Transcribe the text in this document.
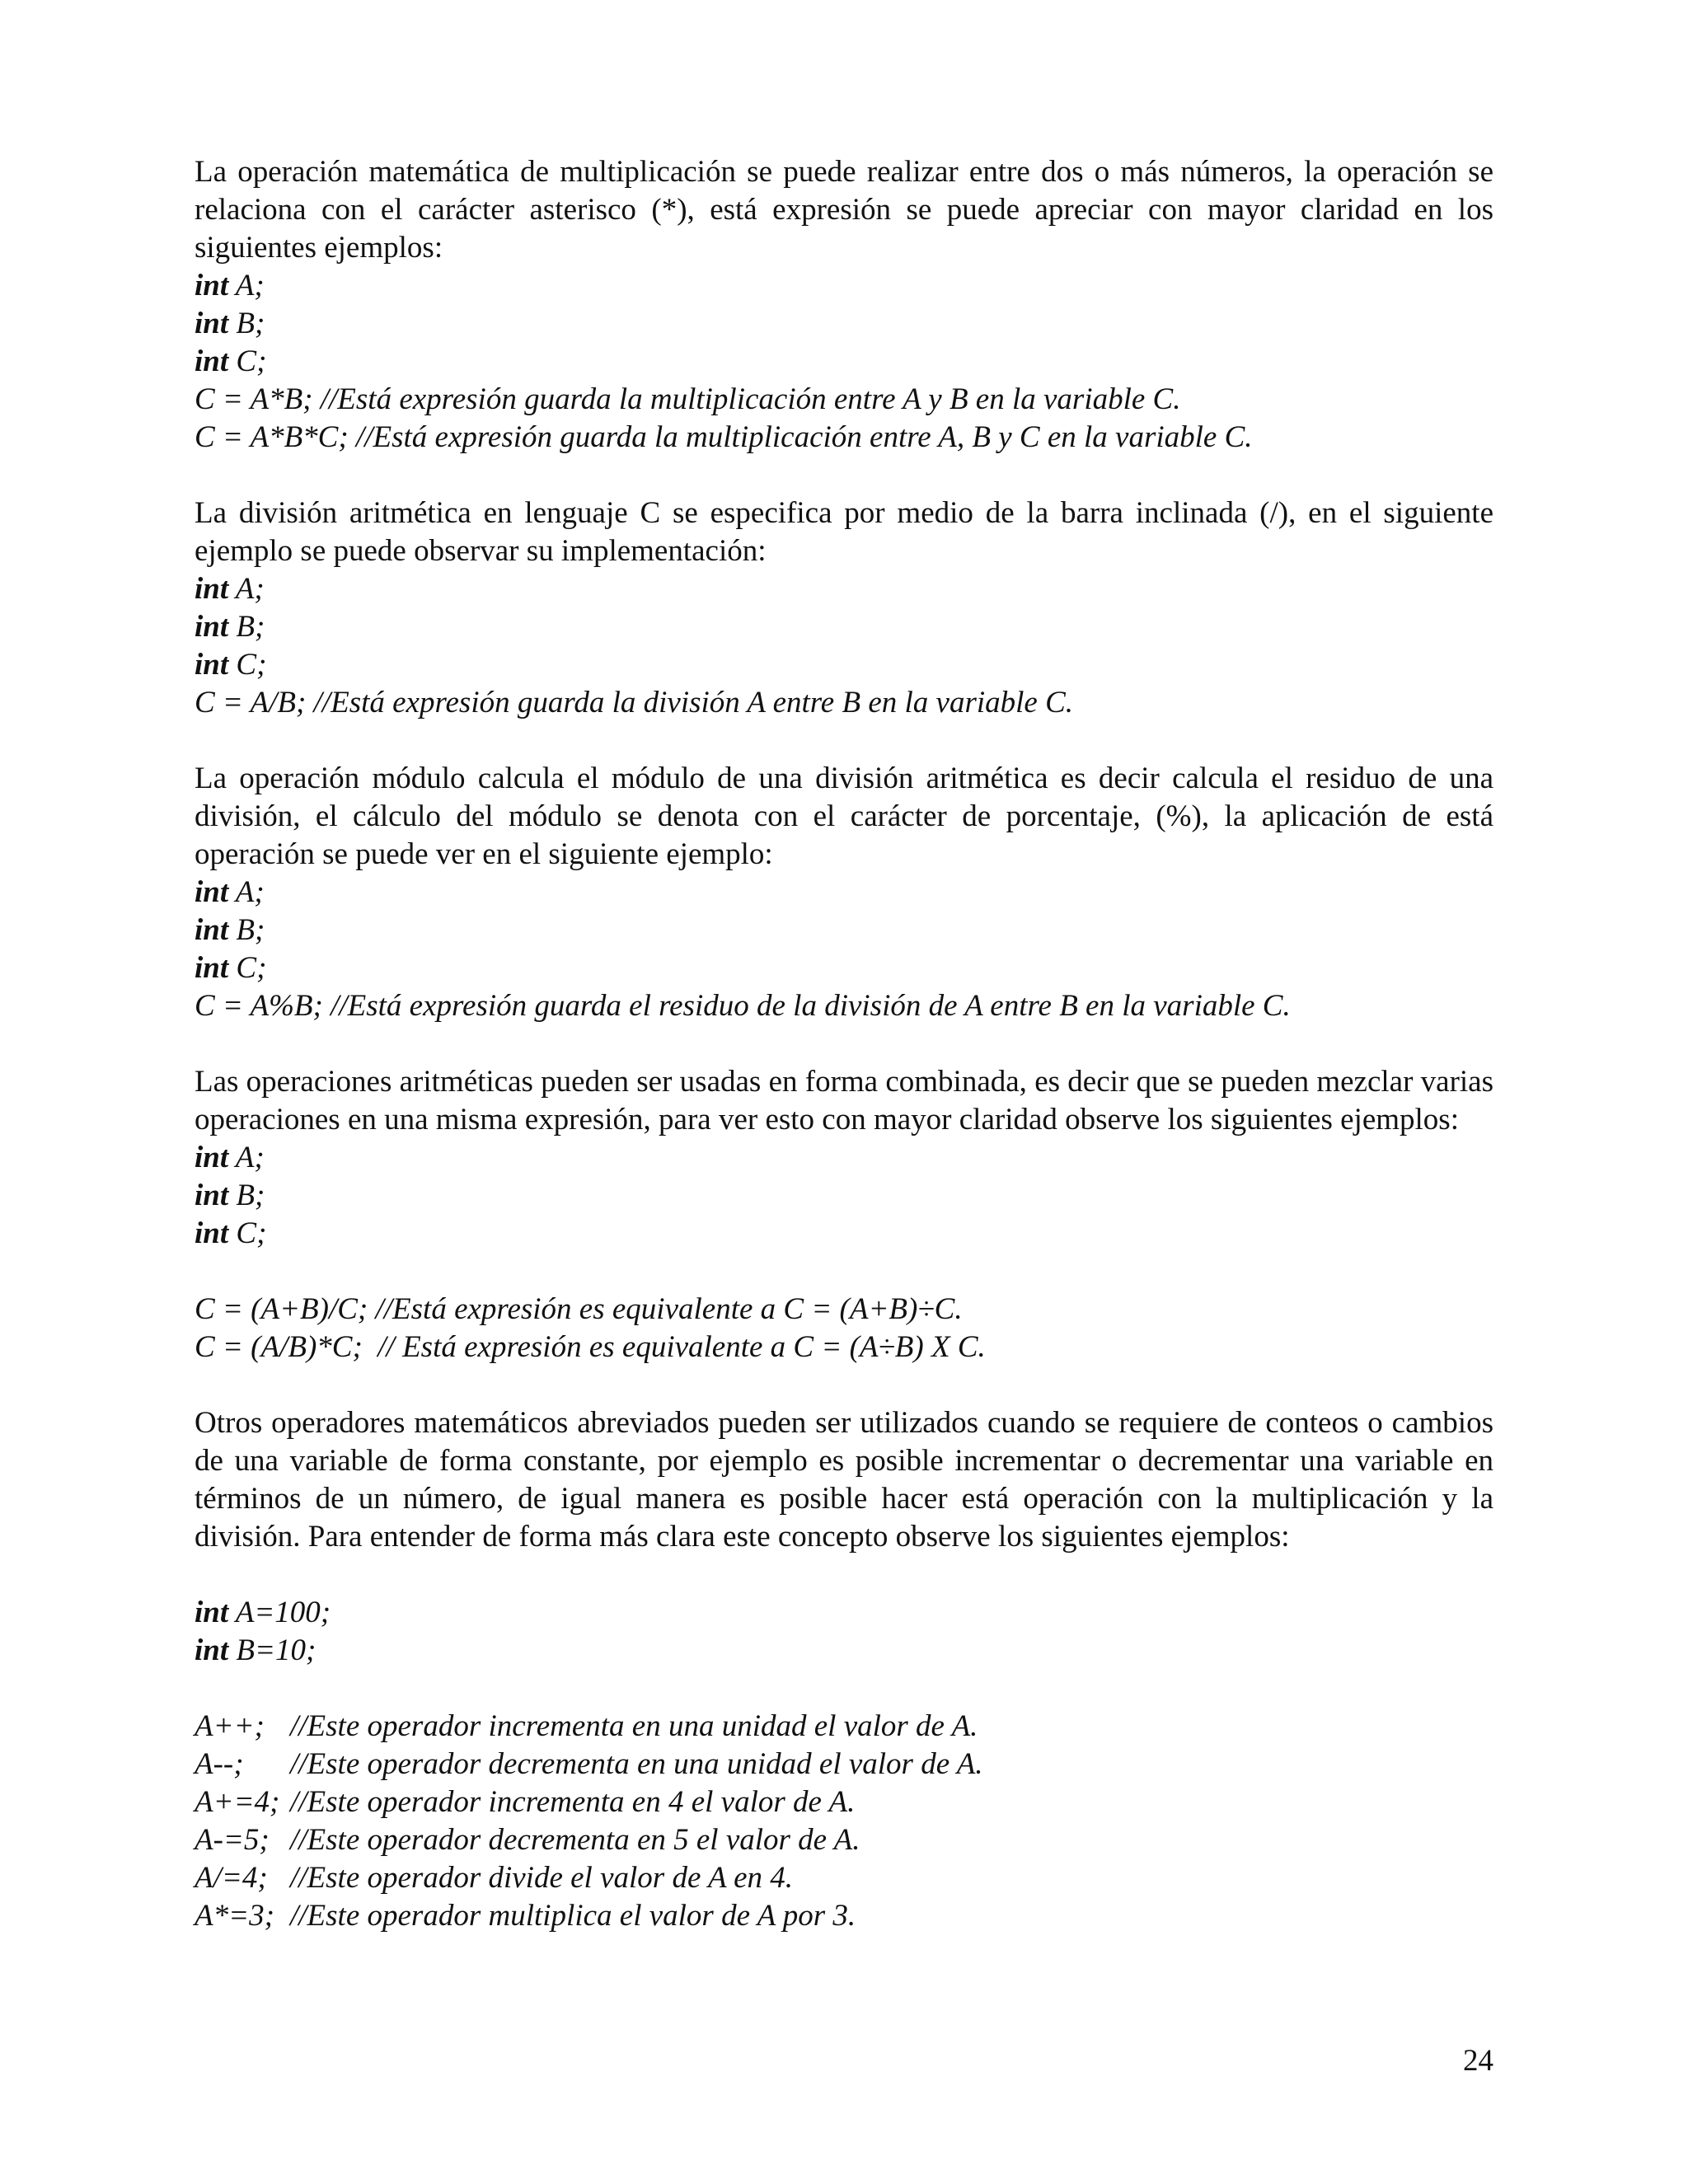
La operación matemática de multiplicación se puede realizar entre dos o más números, la operación se relaciona con el carácter asterisco (*), está expresión se puede apreciar con mayor claridad en los siguientes ejemplos:

int A;

int B;

int C;

C = A*B; //Está expresión guarda la multiplicación entre A y B en la variable C.

C = A*B*C; //Está expresión guarda la multiplicación entre A, B y C en la variable C.

La división aritmética en lenguaje C se especifica por medio de la barra inclinada (/), en el siguiente ejemplo se puede observar su implementación:

int A;

int B;

int C;

C = A/B; //Está expresión guarda la división A entre B en la variable C.

La operación módulo calcula el módulo de una división aritmética es decir calcula el residuo de una división, el cálculo del módulo se denota con el carácter de porcentaje, (%), la aplicación de está operación se puede ver en el siguiente ejemplo:

int A;

int B;

int C;

C = A%B; //Está expresión guarda el residuo de la división de A entre B en la variable C.

Las operaciones aritméticas pueden ser usadas en forma combinada, es decir que se pueden mezclar varias operaciones en una misma expresión, para ver esto con mayor claridad observe los siguientes ejemplos:

int A;

int B;

int C;

C = (A+B)/C; //Está expresión es equivalente a C = (A+B)÷C.

C = (A/B)*C;  // Está expresión es equivalente a C = (A÷B) X C.

Otros operadores matemáticos abreviados pueden ser utilizados cuando se requiere de conteos o cambios de una variable de forma constante, por ejemplo es posible incrementar o decrementar una variable en términos de un número, de igual manera es posible hacer está operación con la multiplicación y la división. Para entender de forma más clara este concepto observe los siguientes ejemplos:

int A=100;

int B=10;

A++; //Este operador incrementa en una unidad el valor de A.

A--;	//Este operador decrementa en una unidad el valor de A.

A+=4; //Este operador incrementa en 4 el valor de A.

A-=5; //Este operador decrementa en 5 el valor de A.

A/=4; //Este operador divide el valor de A en 4.

A*=3; //Este operador multiplica el valor de A por 3.

24
